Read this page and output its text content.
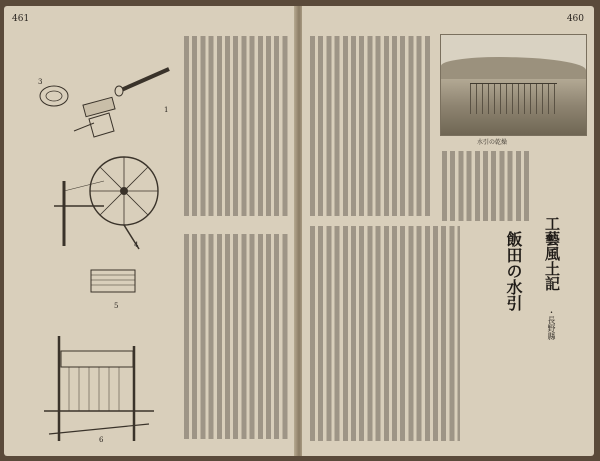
461
3
1
4
5
6
460
水引の乾燥
工藝風土記
・長野縣
飯田の水引
